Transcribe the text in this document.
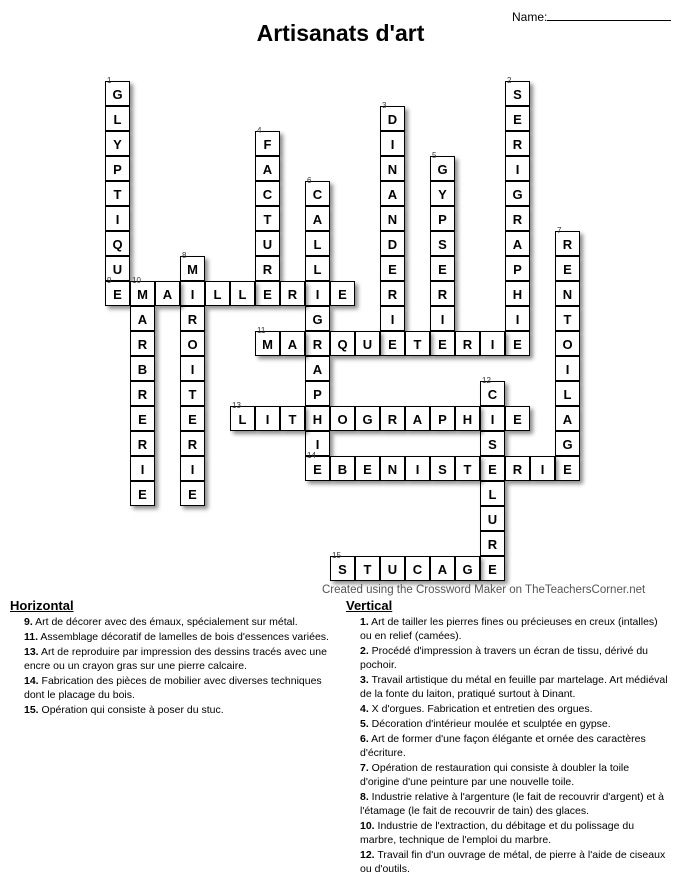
Name:
Artisanats d'art
1
G
L
Y
P
T
I
Q
U
9
E
2
S
E
R
I
G
R
A
P
H
I
E
3
D
I
N
A
N
D
E
R
I
E
4
F
A
C
T
U
R
E
5
G
Y
P
S
E
R
I
E
6
C
A
L
L
I
G
R
A
P
H
I
14
E
7
R
E
N
T
O
I
L
A
G
E
8
M
I
R
O
I
T
E
R
I
E
10
M	A	L	L	R	E
A
R
B
R
E
R
I
E
11
M	A	Q	U	T	R	I
12
C
I
S
E
L
U
R
E
13
L	I	T	O	G	R	A	P	H	E
B	E	N	I	S	T	R	I
15
S	T	U	C	A	G
Created using the Crossword Maker on TheTeachersCorner.net
Horizontal
9. Art de décorer avec des émaux, spécialement sur métal.
11. Assemblage décoratif de lamelles de bois d'essences variées.
13. Art de reproduire par impression des dessins tracés avec une encre ou un crayon gras sur une pierre calcaire.
14. Fabrication des pièces de mobilier avec diverses techniques dont le placage du bois.
15. Opération qui consiste à poser du stuc.
Vertical
1. Art de tailler les pierres fines ou précieuses en creux (intalles) ou en relief (camées).
2. Procédé d'impression à travers un écran de tissu, dérivé du pochoir.
3. Travail artistique du métal en feuille par martelage. Art médiéval de la fonte du laiton, pratiqué surtout à Dinant.
4. X d'orgues. Fabrication et entretien des orgues.
5. Décoration d'intérieur moulée et sculptée en gypse.
6. Art de former d'une façon élégante et ornée des caractères d'écriture.
7. Opération de restauration qui consiste à doubler la toile d'origine d'une peinture par une nouvelle toile.
8. Industrie relative à l'argenture (le fait de recouvrir d'argent) et à l'étamage (le fait de recouvrir de tain) des glaces.
10. Industrie de l'extraction, du débitage et du polissage du marbre, technique de l'emploi du marbre.
12. Travail fin d'un ouvrage de métal, de pierre à l'aide de ciseaux ou d'outils.
